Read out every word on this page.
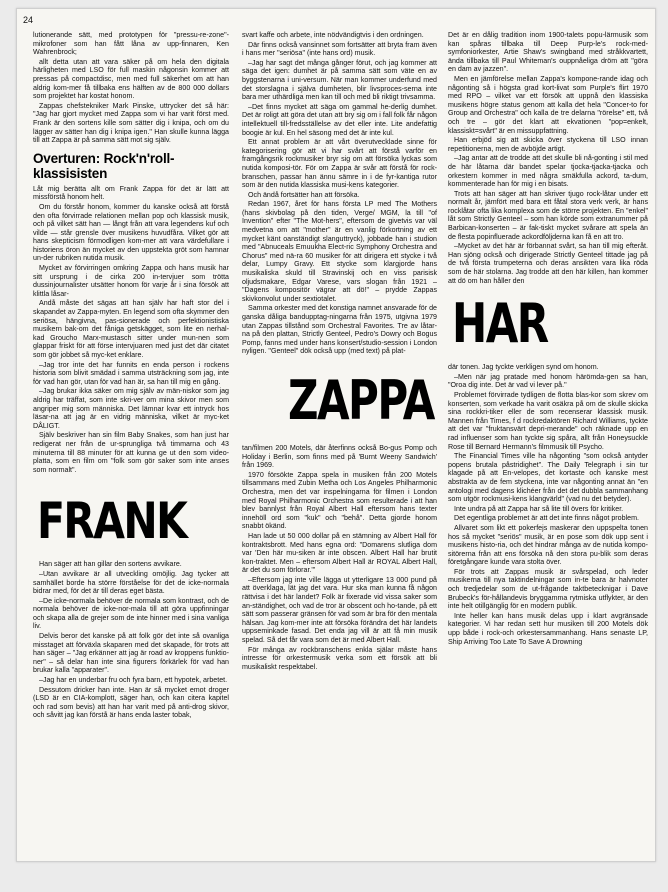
24

lutionerande sätt, med prototypen för "pressu-re-zone"-mikrofoner som han fått låna av upp-finnaren, Ken Wahrenbrock;

allt detta utan att vara säker på om hela den digitala härligheten med LSO för full maskin någonsin kommer att pressas på compactdisc, men med full säkerhet om att han aldrig kom-mer få tillbaka ens hälften av de 800 000 dollars som projektet har kostat honom.

Zappas chefstekniker Mark Pinske, uttrycker det så här: "Jag har gjort mycket med Zappa som vi har varit först med. Frank är den sortens kille som sätter dig i knipa, och om du lägger av sätter han dig i knipa igen." Han skulle kunna lägga till att Zappa är på samma sätt mot sig själv.

Overturen: Rock'n'roll-klassisisten

Låt mig berätta allt om Frank Zappa för det är lätt att missförstå honom helt.

Om du förstår honom, kommer du kanske också att förstå den ofta förvirrade relationen mellan pop och klassisk musik, och på vilket sätt han — långt från att vara legendens kuf och vilde — står grensle över musikens huvudfåra. Vilket gör att hans skepticism förmodligen kom-mer att vara värdefullare i historiens öron än mycket av den uppstekta gröt som hamnar un-der rubriken nutida musik.

Mycket av förvirringen omkring Zappa och hans musik har sitt ursprung i de cirka 200 in-tervjuer som tröttа dussinjournalister utsätter honom för varje år i sina försök att klittla låsar-

Andå måste det sägas att han själv har haft stor del i skapandet av Zappa-myten. En legend som ofta skymmer den seriösa, hängivna, pas-sionerade och perfektionistiska musikern bak-om det fåniga getskägget, som lite en nerhal-kad Groucho Marx-mustasch sitter under mun-nen som glappar friskt för att försе intervjuaren med just det där citatet som gör jobbet så myc-ket enklare.

–Jag tror inte det har funnits en enda person i rockens historia som blivit smädad i samma utsträckning som jag, inte för vad han gör, utan för vad han är, sa han till mig en gång.

–Jag brukar ikka säker om mig själv av män-niskor som jag aldrig har träffat, som inte skri-ver om mina skivor men som angriper mig som människa. Det lämnar kvar ett intryck hos läsar-na att jag är en vidrig människa, vilket är myc-ket DÅLIGT.

Själv beskriver han sin film Baby Snakes, som han just har redigerat ner från de ur-sprungliga två timmarna och 43 minuterna till 88 minuter för att kunna ge ut den som video-platta, som en film om "folk som gör saker som inte anses som normalt".

FRANK

Han säger att han gillar den sortens avvikare.

–Utan avvikare är all utveckling omöjlig. Jag tycker att samhället borde ha större förståelse för det de icke-normala bidrar med, för det är till deras eget bästa.

–De icke-normala behöver de normala som kontrast, och de normala behöver de icke-nor-mala till att göra uppfinningar och skapa alla de grejer som de inte hinner med i sina vanliga liv.

Delvis beror det kanske på att folk gör det inte så ovanliga misstaget att förväxla skaparen med det skapade, för trots att han säger – "Jag erkänner att jag är road av kroppens funktio-ner" – så delar han inte sina figurers förkärlek för vad han brukar kalla "apparater".

–Jag har en underbar fru och fyra barn, ett hypotek, arbetet.

Dessutom dricker han inte. Han är så mycket emot droger (LSD är en CIA-komplott, säger han, och kan citera kapitel och rad som bevis) att han har varit med på anti-drog skivor, och såvitt jag kan förstå är hans enda laster tobak,

svart kaffe och arbete, inte nödvändigtvis i den ordningen.

Där finns också vansinnet som fortsätter att bryta fram även i hans mer "seriösa" (inte hans ord) musik.

–Jag har sagt det många gånger förut, och jag kommer att säga det igen: dumhet är på samma sätt som väte en av byggstenarna i uni-versum. När man kommer underfund med det storslagna i själva dumheten, blir livsproces-serna inte bara mer uthärdliga men kan till och med bli riktigt trivsamma.

–Det finns mycket att säga om gammal he-derlig dumhet. Det är roligt att göra det utan att bry sig om i fall folk får någon intellektuell till-fredsställelse av det eller inte. Lite andefattig boogie är kul. En hel säsong med det är inte kul.

Ett annat problem är att vårt överutvecklade sinne för kategorisering gör att vi har svårt att förstå varför en framgångsrik rockmusiker bryr sig om att försöka lyckas som nutida komposi-tör. För om Zappa är svår att förstå för rock-branschen, passar han ännu sämre in i de fyr-kantiga rutor som är den nutida klassiska musi-kens kategorier.

Och ändå fortsätter han att försöka.

Redan 1967, året för hans första LP med The Mothers (hans skivbolag på den tiden, Verge/ MGM, la till "of Invention" efter "The Mot-hers", eftersom de givetvis var väl medvetna om att "mother" är en vanlig förkortning av ett mycket känt oanständigt slanguttryck), jobbade han i studion med "Abnuceals Emuukha Elect-ric Symphony Orchestra and Chorus" med nä-ra 60 musiker för att dirigera ett stycke i två delar, Lumpy Gravy. Ett stycke som klargjorde hans musikaliska skuld till Stravinskij och en viss parisisk oljudsmakare, Edgar Varese, vars slogan från 1921 – "Dagens kompositör vägrar att dö!" – prydde Zappas skivkonvolut under sextiotalet.

Samma orkester med det konstiga namnet ansvarade för de ganska dåliga bandupptag-ningarna från 1975, utgivna 1979 utan Zappas tillstånd som Orchestral Favorites. Tre av låtar-na på den plattan, Strictly Genteel, Pedro's Dowry och Bogus Pomp, fanns med under hans konsert/studio-session i London nyligen. "Genteel" dök också upp (med text) på plat-

ZAPPA

tan/filmen 200 Motels, där återfinns också Bo-gus Pomp och Holiday i Berlin, som finns med på 'Burnt Weeny Sandwich' från 1969.

1970 försökte Zappa spela in musiken från 200 Motels tillsammans med Zubin Metha och Los Angeles Philharmonic Orchestra, men det var inspelningarna för filmen i London med Royal Philharmonic Orchestra som resulterade i att han blev bannlyst från Royal Albert Hall eftersom hans texter innehöll ord som "kuk" och "behå". Detta gjorde honom snabbt ökänd.

Han lade ut 50 000 dollar på en stämning av Albert Hall för kontraktsbrott. Med hans egna ord: "Domarens slutliga dom var 'Den här mu-siken är inte obscen. Albert Hall har brutit kon-traktet. Men – eftersom Albert Hall är ROYAL Albert Hall, är det du som förlorar.'"

–Eftersom jag inte ville lägga ut ytterligare 13 000 pund på att överklaga, lät jag det vara. Hur ska man kunna få någon rättvisa i det här landet? Folk är fixerade vid vissa saker som an-ständighet, och vad de tror är obscent och ho-tande, på ett sätt som passerar gränsen för vad som är bra för den mentala hälsan. Jag kom-mer inte att försöka förändra det här landets uppseminkade fasad. Det enda jag vill är att få min musik spelad. Så det får vara som det är med Albert Hall.

För många av rockbranschens enkla själar måste hans intresse för orkestermusik verka som ett försök att bli musikaliskt respektabel.

Det är en dålig tradition inom 1900-talets popu-lärmusik som kan spåras tillbaka till Deep Purp-le's rock-med-symfoniorkester, Artie Shaw's swingband med stråkkvartett, ända tillbaka till Paul Whiteman's ouppnåeliga dröm att "göra en dam av jazzen".

Men en jämförelse mellan Zappa's kompone-rande idag och någonting så i högsta grad kort-livat som Purple's flirt 1970 med RPO – vilket var ett försök att uppnå den klassiska musikens högre status genom att kalla det hela "Concer-to for Group and Orchestra" och kalla de tre delarna "rörelse" ett, två och tre – gör det klart att ekvationen "pop=enkelt, klassiskt=svårt" är en missuppfattning.

Han erbjöd sig att skicka över styckena till LSO innan repetitionerna, men de avböjde artigt.

–Jag antar att de trodde att det skulle bli nå-gonting i stil med de här låtarna där bandet spelar tjocka-tjacka-tjacka och orkestern kommer in med några smäkfulla ackord, ta-dum, kommenterade han för mig i en bisats.

Trots att han säger att han skriver tjugo rock-låtar under ett normalt år, jämfört med bara ett fåtal stora verk verk, är hans rocklåtar ofta lika komplexa som de större projekten. En "enkel" låt som Strictly Genteel – som han körde som extranummer på Barbican-konserten – är fak-tiskt mycket svårare att spela än de flesta popinfluerade ackordföljderna kan få en att tro.

–Mycket av det här är förbannat svårt, sa han till mig efteråt. Han sjöng också och dirigerade Strictly Genteel tittade jag på de två första trumpeterna och deras ansikten vara lika röda som de här stolarna. Jag trodde att den här killen, han kommer att dö om han håller den

HAR

där tonen. Jag tyckte verkligen synd om honom.

–Men när jag pratade med honom härömda-gen sa han, "Oroa dig inte. Det är vad vi lever på."

Problemet förvirrade tydligen de flotta blas-kor som skrev om konserten, som verkade ha varit osäkra på om de skulle skicka sina rockkri-tiker eller de som recenserar klassisk musik. Mannen från Times, f d rockredaktören Richard Williams, tyckte att det var "fruktansvärt depri-merande" och räknade upp en rad influenser som han tyckte sig spåra, allt från Honeysuckle Rose till Bernard Hermann's filmmusik till Psycho.

The Financial Times ville ha någonting "som också antyder popens brutala påstridighet". The Daily Telegraph i sin tur klagade på att En-velopes, det kortaste och kanske mest abstrakta av de fem styckena, inte var någonting annat än "en antologi med dagens klichéer från det det dubbla sammanhang som utgör rockmusi-kens klangvärld" (vad nu det betyder).

Inte undra på att Zappa har så lite till övers för kritiker.

Det egentliga problemet är att det inte finns något problem.

Allvaret som likt ett pokerfejs maskerar den uppspelta tonen hos så mycket "seriös" musik, är en pose som dök upp sent i musikens histo-ria, och det hindrar många av de nutida kompo-sitörerna från att ens försöka nå den stora pu-blik som deras företgångare kunde vara stolta över.

För trots att Zappas musik är svårspelad, och leder musikerna till nya taktindelningar som in-te bara är halvnoter och tredjedelar som de ut-frågande taktbetecknigar i Dave Brubeck's för-hållandevis bryggamma rytmiska utflykter, är den inte helt otillgänglig för en modern publik.

Inte heller kan hans musik delas upp i klart avgränsade kategorier. Vi har redan sett hur musiken till 200 Motels dök upp både i rock-och orkestersammanhang. Hans senaste LP, Ship Arriving Too Late To Save A Drowning
